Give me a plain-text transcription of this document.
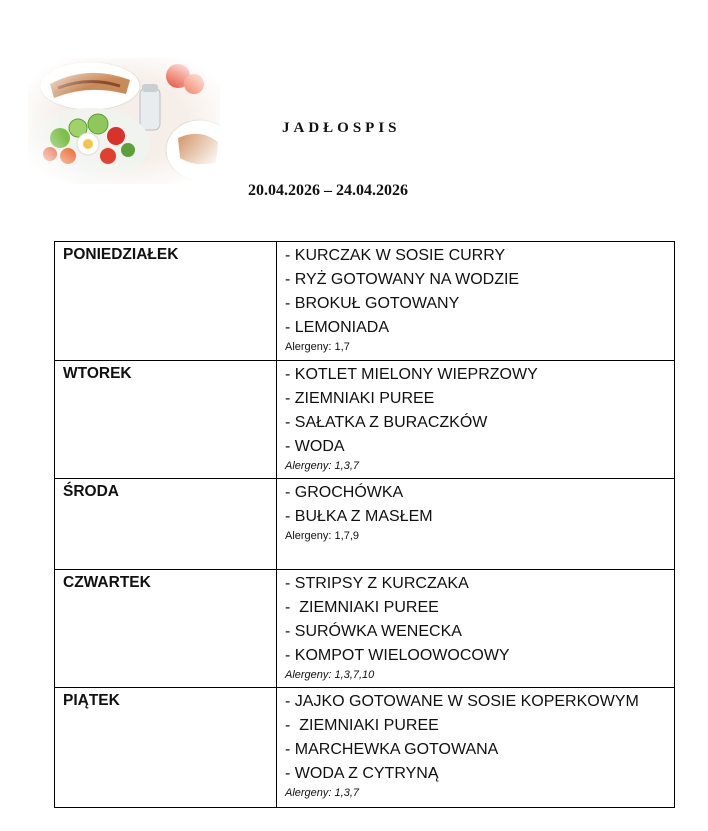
JADŁOSPIS
20.04.2026 – 24.04.2026
PONIEDZIAŁEK	- KURCZAK W SOSIE CURRY
- RYŻ GOTOWANY NA WODZIE
- BROKUŁ GOTOWANY
- LEMONIADA
Alergeny: 1,7

WTOREK	- KOTLET MIELONY WIEPRZOWY
- ZIEMNIAKI PUREE
- SAŁATKA Z BURACZKÓW
- WODA
Alergeny: 1,3,7

ŚRODA	- GROCHÓWKA
- BUŁKA Z MASŁEM
Alergeny: 1,7,9

CZWARTEK	- STRIPSY Z KURCZAKA
-  ZIEMNIAKI PUREE
- SURÓWKA WENECKA
- KOMPOT WIELOOWOCOWY
Alergeny: 1,3,7,10

PIĄTEK	- JAJKO GOTOWANE W SOSIE KOPERKOWYM
-  ZIEMNIAKI PUREE
- MARCHEWKA GOTOWANA
- WODA Z CYTRYNĄ
Alergeny: 1,3,7
